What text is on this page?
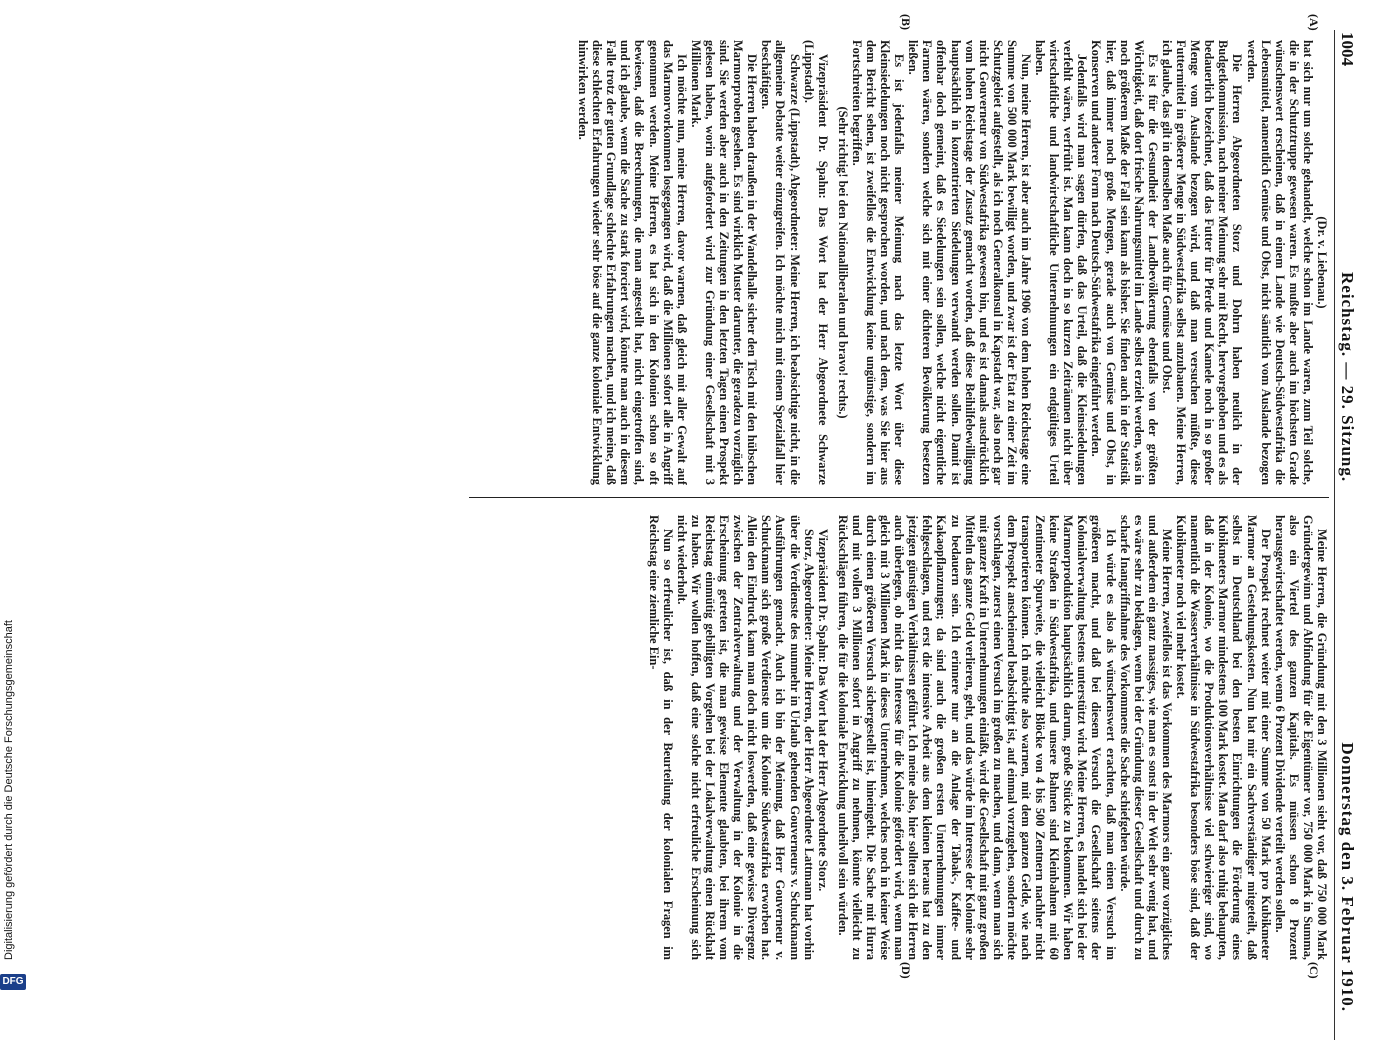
1004
Reichstag. — 29. Sitzung.
Donnerstag den 3. Februar 1910.
(A)
(B)
(C)
(D)

(Dr. v. Liebenau.)

hat sich nur um solche gehandelt, welche schon im Lande waren, zum Teil solche, die in der Schutztruppe gewesen waren. Es mußte aber auch im höchsten Grade wünschenswert erscheinen, daß in einem Lande wie Deutsch-Südwestafrika die Lebensmittel, namentlich Gemüse und Obst, nicht sämtlich vom Auslande bezogen werden.

Die Herren Abgeordneten Storz und Dohrn haben neulich in der Budgetkommission, nach meiner Meinung sehr mit Recht, hervorgehoben und es als bedauerlich bezeichnet, daß das Futter für Pferde und Kamele noch in so großer Menge vom Auslande bezogen wird, und daß man versuchen müßte, diese Futtermittel in größerer Menge in Südwestafrika selbst anzubauen. Meine Herren, ich glaube, das gilt in demselben Maße auch für Gemüse und Obst.

Es ist für die Gesundheit der Landbevölkerung ebenfalls von der größten Wichtigkeit, daß dort frische Nahrungsmittel im Lande selbst erzielt werden, was in noch größerem Maße der Fall sein kann als bisher. Sie finden auch in der Statistik hier, daß immer noch große Mengen, gerade auch von Gemüse und Obst, in Konserven und anderer Form nach Deutsch-Südwestafrika eingeführt werden.

Jedenfalls wird man sagen dürfen, daß das Urteil, daß die Kleinsiedelungen verfehlt wären, verfrüht ist. Man kann doch in so kurzen Zeiträumen nicht über wirtschaftliche und landwirtschaftliche Unternehmungen ein endgültiges Urteil haben.

Nun, meine Herren, ist aber auch im Jahre 1906 von dem hohen Reichstage eine Summe von 500 000 Mark bewilligt worden, und zwar ist der Etat zu einer Zeit im Schutzgebiet aufgestellt, als ich noch Generalkonsul in Kapstadt war, also noch gar nicht Gouverneur von Südwestafrika gewesen bin, und es ist damals ausdrücklich vom hohen Reichstage der Zusatz gemacht worden, daß diese Beihilfebewilligung hauptsächlich in konzentrierten Siedelungen verwandt werden sollen. Damit ist offenbar doch gemeint, daß es Siedelungen sein sollen, welche nicht eigentliche Farmen wären, sondern welche sich mit einer dichteren Bevölkerung besetzen ließen.

Es ist jedenfalls meiner Meinung nach das letzte Wort über diese Kleinsiedelungen noch nicht gesprochen worden, und nach dem, was Sie hier aus dem Bericht sehen, ist zweifellos die Entwicklung keine ungünstige, sondern im Fortschreiten begriffen.

(Sehr richtig! bei den Nationalliberalen und bravo! rechts.)

Vizepräsident Dr. Spahn: Das Wort hat der Herr Abgeordnete Schwarze (Lippstadt).

Schwarze (Lippstadt), Abgeordneter: Meine Herren, ich beabsichtige nicht, in die allgemeine Debatte weiter einzugreifen. Ich möchte mich mit einem Spezialfall hier beschäftigen.

Die Herren haben draußen in der Wandelhalle sicher den Tisch mit den hübschen Marmorproben gesehen. Es sind wirklich Muster darunter, die geradezu vorzüglich sind. Sie werden aber auch in den Zeitungen in den letzten Tagen einen Prospekt gelesen haben, worin aufgefordert wird zur Gründung einer Gesellschaft mit 3 Millionen Mark.

Ich möchte nun, meine Herren, davor warnen, daß gleich mit aller Gewalt auf das Marmorvorkommen losgegangen wird, daß die Millionen sofort alle in Angriff genommen werden. Meine Herren, es hat sich in den Kolonien schon so oft bewiesen, daß die Berechnungen, die man angestellt hat, nicht eingetroffen sind, und ich glaube, wenn die Sache zu stark forciert wird, könnte man auch in diesem Falle trotz der guten Grundlage schlechte Erfahrungen machen, und ich meine, daß diese schlechten Erfahrungen wieder sehr böse auf die ganze koloniale Entwicklung hinwirken werden.

Meine Herren, die Gründung mit den 3 Millionen sieht vor, daß 750 000 Mark Gründergewinn und Abfindung für die Eigentümer vor, 750 000 Mark in Summa, also ein Viertel des ganzen Kapitals. Es müssen schon 8 Prozent herausgewirtschaftet werden, wenn 6 Prozent Dividende verteilt werden sollen.

Der Prospekt rechnet weiter mit einer Summe von 50 Mark pro Kubikmeter Marmor an Gestehungskosten. Nun hat mir ein Sachverständiger mitgeteilt, daß selbst in Deutschland bei den besten Einrichtungen die Förderung eines Kubikmeters Marmor mindestens 100 Mark kostet. Man darf also ruhig behaupten, daß in der Kolonie, wo die Produktionsverhältnisse viel schwieriger sind, wo namentlich die Wasserverhältnisse in Südwestafrika besonders böse sind, daß der Kubikmeter noch viel mehr kostet.

Meine Herren, zweifellos ist das Vorkommen des Marmors ein ganz vorzügliches und außerdem ein ganz massiges, wie man es sonst in der Welt sehr wenig hat, und es wäre sehr zu beklagen, wenn bei der Gründung dieser Gesellschaft und durch zu scharfe Inangriffnahme des Vorkommens die Sache schiefgehen würde.

Ich würde es also als wünschenswert erachten, daß man einen Versuch im größeren macht, und daß bei diesem Versuch die Gesellschaft seitens der Kolonialverwaltung bestens unterstützt wird. Meine Herren, es handelt sich bei der Marmorproduktion hauptsächlich darum, große Stücke zu bekommen. Wir haben keine Straßen in Südwestafrika, und unsere Bahnen sind Kleinbahnen mit 60 Zentimeter Spurweite, die vielleicht Blöcke von 4 bis 500 Zentnern nachher nicht transportieren können. Ich möchte also warnen, mit dem ganzen Gelde, wie nach dem Prospekt anscheinend beabsichtigt ist, auf einmal vorzugehen, sondern möchte vorschlagen, zuerst einen Versuch im großen zu machen, und dann, wenn man sich mit ganzer Kraft in Unternehmungen einläßt, wird die Gesellschaft mit ganz großen Mitteln das ganze Geld verlieren, geht, und das würde im Interesse der Kolonie sehr zu bedauern sein. Ich erinnere nur an die Anlage der Tabak-, Kaffee- und Kakaopflanzungen; da sind auch die großen ersten Unternehmungen immer fehlgeschlagen, und erst die intensive Arbeit aus dem kleinen heraus hat zu den jetzigen günstigen Verhältnissen geführt. Ich meine also, hier sollten sich die Herren auch überlegen, ob nicht das Interesse für die Kolonie gefördert wird, wenn man gleich mit 3 Millionen Mark in dieses Unternehmen, welches noch in keiner Weise durch einen größeren Versuch sichergestellt ist, hineingeht. Die Sache mit Hurra und mit vollen 3 Millionen sofort in Angriff zu nehmen, könnte vielleicht zu Rückschlägen führen, die für die koloniale Entwicklung unheilvoll sein würden.

Vizepräsident Dr. Spahn: Das Wort hat der Herr Abgeordnete Storz.

Storz, Abgeordneter: Meine Herren, der Herr Abgeordnete Lattmann hat vorhin über die Verdienste des nunmehr in Urlaub gehenden Gouverneurs v. Schuckmann Ausführungen gemacht. Auch ich bin der Meinung, daß Herr Gouverneur v. Schuckmann sich große Verdienste um die Kolonie Südwestafrika erworben hat. Allein den Eindruck kann man doch nicht loswerden, daß eine gewisse Divergenz zwischen der Zentralverwaltung und der Verwaltung in der Kolonie in die Erscheinung getreten ist, die man gewisse Elemente glaubten, bei ihrem vom Reichstag einmütig gebilligten Vorgehen bei der Lokalverwaltung einen Rückhalt zu haben. Wir wollen hoffen, daß eine solche nicht erfreuliche Erscheinung sich nicht wiederholt.

Nun so erfreulicher ist, daß in der Beurteilung der kolonialen Fragen im Reichstag eine ziemliche Ein-

Digitalisierung gefördert durch die Deutsche Forschungsgemeinschaft
DFG
